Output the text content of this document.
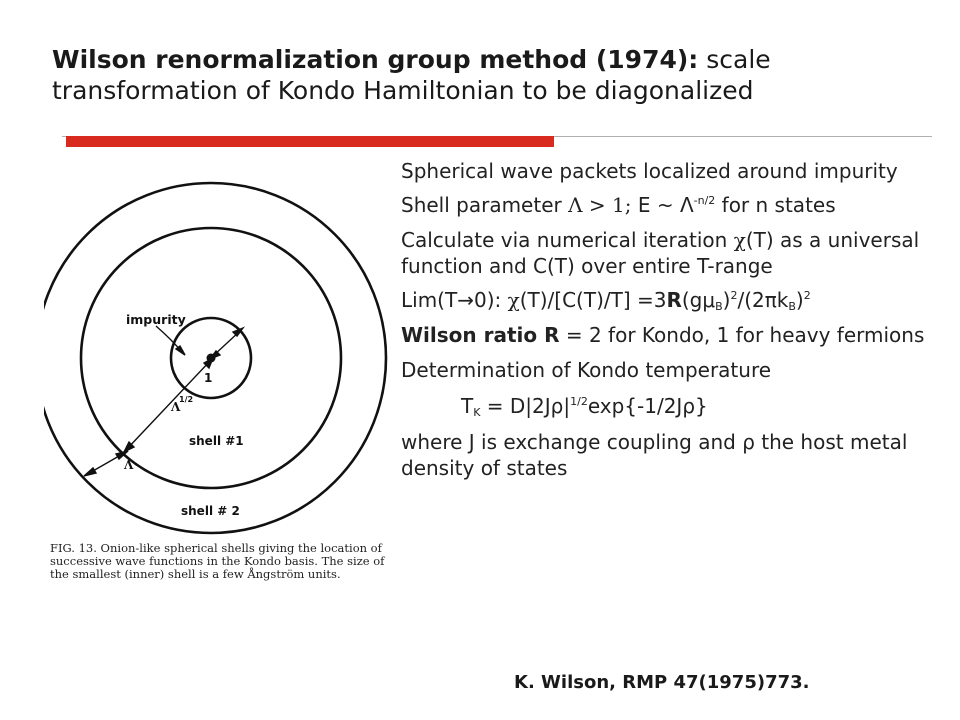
Wilson renormalization group method (1974): scale transformation of Kondo Hamiltonian to be diagonalized
impurity
1
Λ
1/2
Λ
shell #1
shell # 2
FIG. 13. Onion-like spherical shells giving the location of successive wave functions in the Kondo basis. The size of the smallest (inner) shell is a few Ångström units.

Spherical wave packets localized around impurity

Shell parameter Λ > 1; E ~ $\Lambda^{-n/2}$ for n states

Calculate via numerical iteration χ(T) as a universal function and C(T) over entire T-range

Lim(T→0): $\chi(T)/[C(T)/T] =3R(g\mu_B)^2/(2\pi k_B)^2$

Wilson ratio R = 2 for Kondo, 1 for heavy fermions

Determination of Kondo temperature

$T_K = D|2J\rho|^{1/2}\exp\{-1/2J\rho\}$

where J is exchange coupling and ρ the host metal density of states

K. Wilson, RMP 47(1975)773.
